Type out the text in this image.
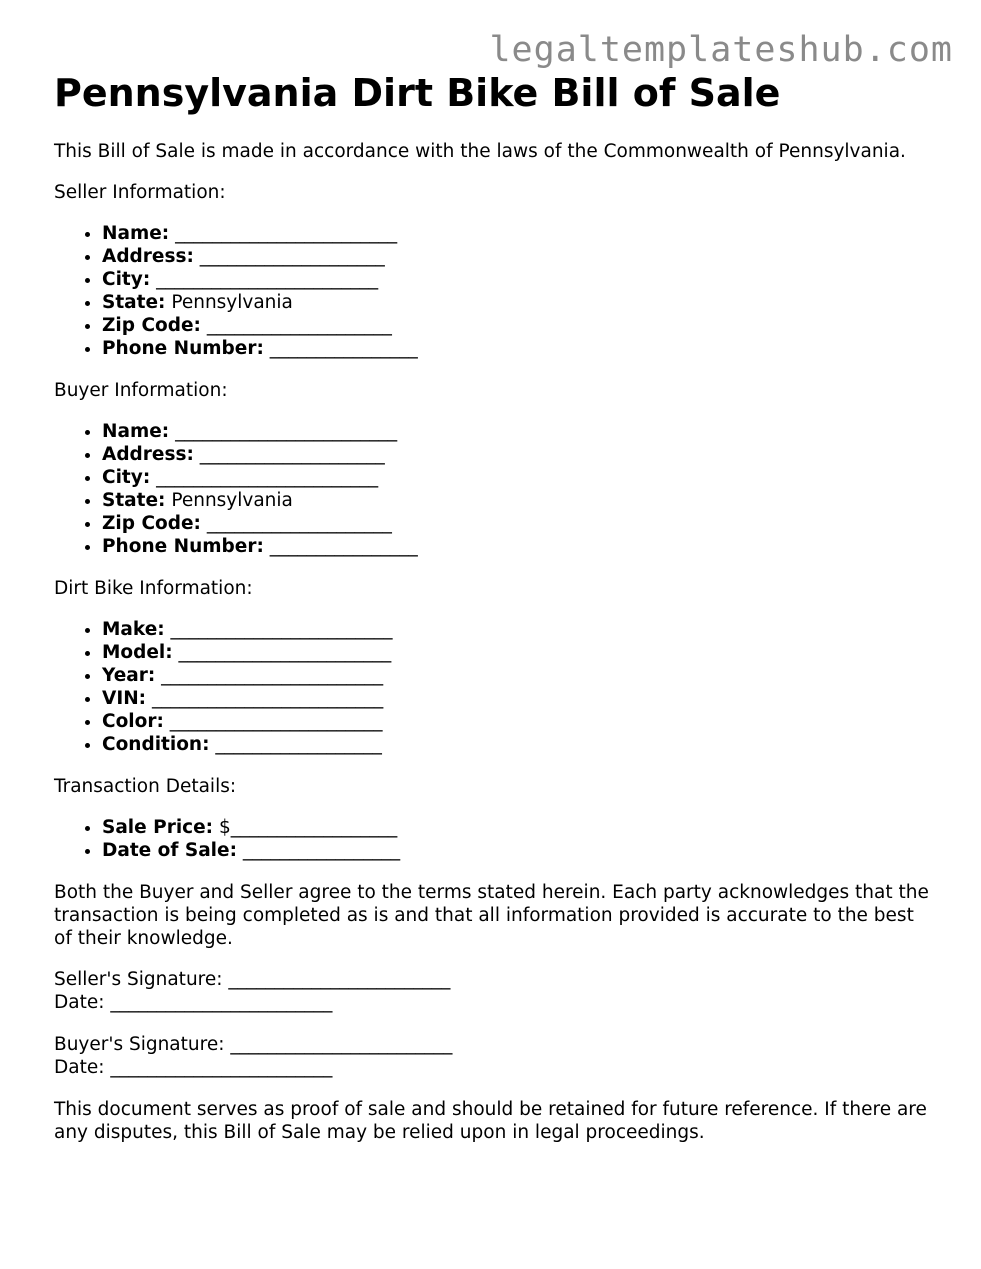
legaltemplateshub.com
Pennsylvania Dirt Bike Bill of Sale

This Bill of Sale is made in accordance with the laws of the Commonwealth of Pennsylvania.

Seller Information:
• Name: ________________________
• Address: ____________________
• City: ________________________
• State: Pennsylvania
• Zip Code: ____________________
• Phone Number: ________________
Buyer Information:
• Name: ________________________
• Address: ____________________
• City: ________________________
• State: Pennsylvania
• Zip Code: ____________________
• Phone Number: ________________
Dirt Bike Information:
• Make: ________________________
• Model: _______________________
• Year: ________________________
• VIN: _________________________
• Color: _______________________
• Condition: __________________
Transaction Details:
• Sale Price: $__________________
• Date of Sale: _________________

Both the Buyer and Seller agree to the terms stated herein. Each party acknowledges that the transaction is being completed as is and that all information provided is accurate to the best of their knowledge.

Seller's Signature: ________________________
Date: ________________________
Buyer's Signature: ________________________
Date: ________________________

This document serves as proof of sale and should be retained for future reference. If there are any disputes, this Bill of Sale may be relied upon in legal proceedings.
